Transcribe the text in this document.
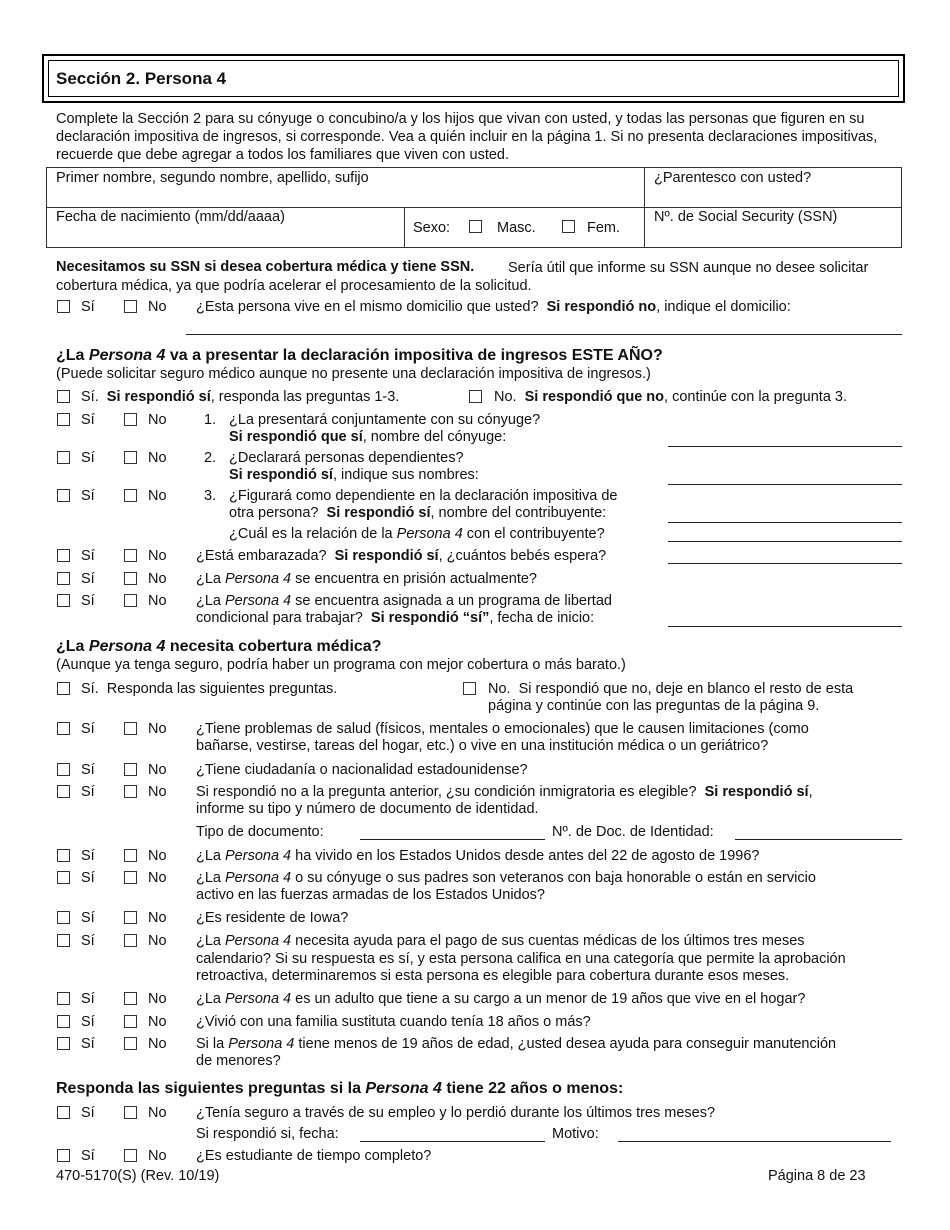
Sección 2. Persona 4
Complete la Sección 2 para su cónyuge o concubino/a y los hijos que vivan con usted, y todas las personas que figuren en su declaración impositiva de ingresos, si corresponde. Vea a quién incluir en la página 1. Si no presenta declaraciones impositivas, recuerde que debe agregar a todos los familiares que viven con usted.
Primer nombre, segundo nombre, apellido, sufijo	¿Parentesco con usted?
Fecha de nacimiento (mm/dd/aaaa)
Sexo:	Masc.	Fem.
Nº. de Social Security (SSN)
Necesitamos su SSN si desea cobertura médica y tiene SSN.	Sería útil que informe su SSN aunque no desee solicitar cobertura médica, ya que podría acelerar el procesamiento de la solicitud.
Sí	No ¿Esta persona vive en el mismo domicilio que usted? Si respondió no, indique el domicilio:
¿La Persona 4 va a presentar la declaración impositiva de ingresos ESTE AÑO?
(Puede solicitar seguro médico aunque no presente una declaración impositiva de ingresos.)
Sí. Si respondió sí, responda las preguntas 1-3.	No. Si respondió que no, continúe con la pregunta 3.
Sí	No	1. ¿La presentará conjuntamente con su cónyuge?
Si respondió que sí, nombre del cónyuge:
Sí	No	2. ¿Declarará personas dependientes?
Si respondió sí, indique sus nombres:
Sí	No	3. ¿Figurará como dependiente en la declaración impositiva de
otra persona? Si respondió sí, nombre del contribuyente:
¿Cuál es la relación de la Persona 4 con el contribuyente?
Sí	No ¿Está embarazada? Si respondió sí, ¿cuántos bebés espera?
Sí	No ¿La Persona 4 se encuentra en prisión actualmente?
Sí	No ¿La Persona 4 se encuentra asignada a un programa de libertad
condicional para trabajar? Si respondió “sí”, fecha de inicio:
¿La Persona 4 necesita cobertura médica?
(Aunque ya tenga seguro, podría haber un programa con mejor cobertura o más barato.)
Sí. Responda las siguientes preguntas.	No. Si respondió que no, deje en blanco el resto de esta
página y continúe con las preguntas de la página 9.
Sí	No ¿Tiene problemas de salud (físicos, mentales o emocionales) que le causen limitaciones (como
bañarse, vestirse, tareas del hogar, etc.) o vive en una institución médica o un geriátrico?
Sí	No ¿Tiene ciudadanía o nacionalidad estadounidense?
Sí	No Si respondió no a la pregunta anterior, ¿su condición inmigratoria es elegible? Si respondió sí,
informe su tipo y número de documento de identidad.
Tipo de documento:	Nº. de Doc. de Identidad:
Sí	No ¿La Persona 4 ha vivido en los Estados Unidos desde antes del 22 de agosto de 1996?
Sí	No ¿La Persona 4 o su cónyuge o sus padres son veteranos con baja honorable o están en servicio
activo en las fuerzas armadas de los Estados Unidos?
Sí	No ¿Es residente de Iowa?
Sí	No ¿La Persona 4 necesita ayuda para el pago de sus cuentas médicas de los últimos tres meses
calendario? Si su respuesta es sí, y esta persona califica en una categoría que permite la aprobación
retroactiva, determinaremos si esta persona es elegible para cobertura durante esos meses.
Sí	No ¿La Persona 4 es un adulto que tiene a su cargo a un menor de 19 años que vive en el hogar?
Sí	No ¿Vivió con una familia sustituta cuando tenía 18 años o más?
Sí	No Si la Persona 4 tiene menos de 19 años de edad, ¿usted desea ayuda para conseguir manutención
de menores?
Responda las siguientes preguntas si la Persona 4 tiene 22 años o menos:
Sí	No ¿Tenía seguro a través de su empleo y lo perdió durante los últimos tres meses?
Si respondió si, fecha:	Motivo:
Sí	No ¿Es estudiante de tiempo completo?
470-5170(S) (Rev. 10/19)	Página 8 de 23
